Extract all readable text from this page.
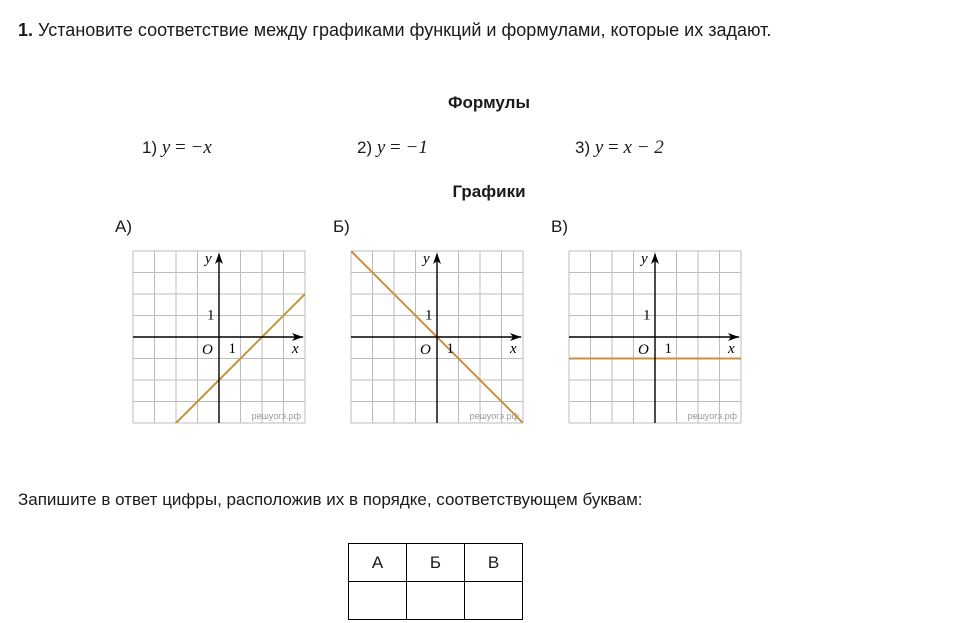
1. Установите соответствие между графиками функций и формулами, которые их задают.
Формулы
1) y = −x	2) y = −1	3) y = x − 2
Графики
А)	Б)	В)
решуогэ.рф
x
y
O 1
1
решуогэ.рф
x
y
O 1
1
решуогэ.рф
x
y
O 1
1
Запишите в ответ цифры, расположив их в порядке, соответствующем буквам:
А	Б	В
